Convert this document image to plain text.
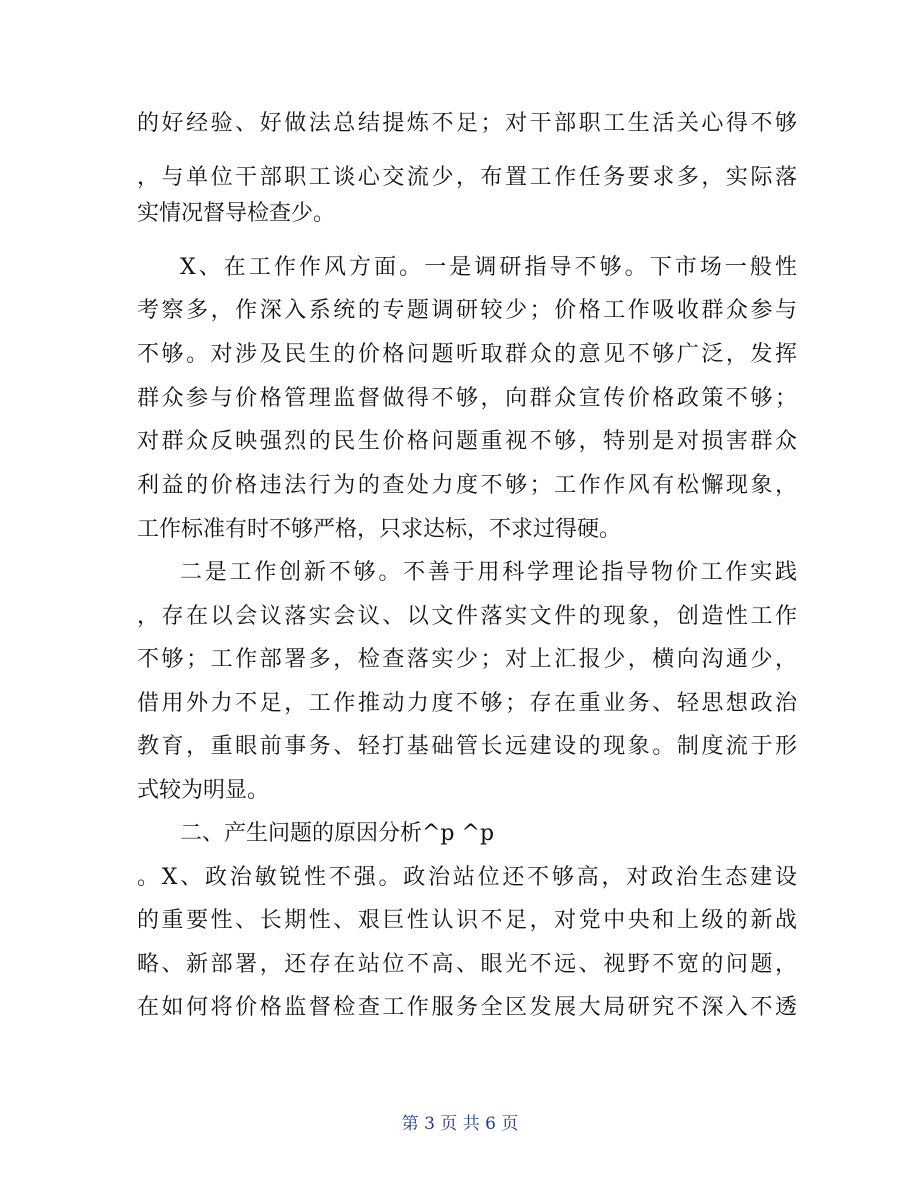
的好经验、好做法总结提炼不足；对干部职工生活关心得不够
，与单位干部职工谈心交流少，布置工作任务要求多，实际落
实情况督导检查少。
X、在工作作风方面。一是调研指导不够。下市场一般性
考察多，作深入系统的专题调研较少；价格工作吸收群众参与
不够。对涉及民生的价格问题听取群众的意见不够广泛，发挥
群众参与价格管理监督做得不够，向群众宣传价格政策不够；
对群众反映强烈的民生价格问题重视不够，特别是对损害群众
利益的价格违法行为的查处力度不够；工作作风有松懈现象，
工作标准有时不够严格，只求达标，不求过得硬。
二是工作创新不够。不善于用科学理论指导物价工作实践
，存在以会议落实会议、以文件落实文件的现象，创造性工作
不够；工作部署多，检查落实少；对上汇报少，横向沟通少，
借用外力不足，工作推动力度不够；存在重业务、轻思想政治
教育，重眼前事务、轻打基础管长远建设的现象。制度流于形
式较为明显。
二、产生问题的原因分析^p ^p
。X、政治敏锐性不强。政治站位还不够高，对政治生态建设
的重要性、长期性、艰巨性认识不足，对党中央和上级的新战
略、新部署，还存在站位不高、眼光不远、视野不宽的问题，
在如何将价格监督检查工作服务全区发展大局研究不深入不透
第 3 页 共 6 页
